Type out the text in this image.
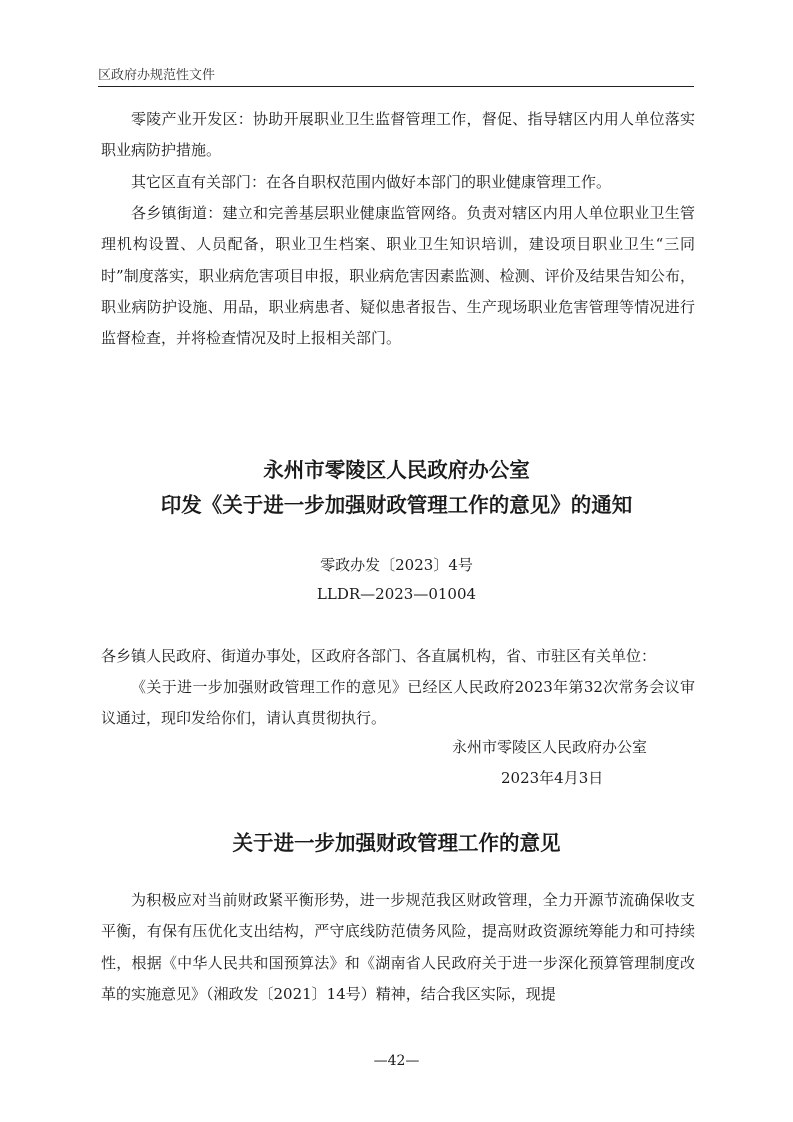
区政府办规范性文件

零陵产业开发区：协助开展职业卫生监督管理工作，督促、指导辖区内用人单位落实职业病防护措施。

其它区直有关部门：在各自职权范围内做好本部门的职业健康管理工作。

各乡镇街道：建立和完善基层职业健康监管网络。负责对辖区内用人单位职业卫生管理机构设置、人员配备，职业卫生档案、职业卫生知识培训，建设项目职业卫生“三同时”制度落实，职业病危害项目申报，职业病危害因素监测、检测、评价及结果告知公布，职业病防护设施、用品，职业病患者、疑似患者报告、生产现场职业危害管理等情况进行监督检查，并将检查情况及时上报相关部门。

永州市零陵区人民政府办公室
印发《关于进一步加强财政管理工作的意见》的通知
零政办发〔2023〕4号
LLDR—2023—01004

各乡镇人民政府、街道办事处，区政府各部门、各直属机构，省、市驻区有关单位：

《关于进一步加强财政管理工作的意见》已经区人民政府2023年第32次常务会议审议通过，现印发给你们，请认真贯彻执行。

永州市零陵区人民政府办公室
2023年4月3日
关于进一步加强财政管理工作的意见

为积极应对当前财政紧平衡形势，进一步规范我区财政管理，全力开源节流确保收支平衡，有保有压优化支出结构，严守底线防范债务风险，提高财政资源统筹能力和可持续性，根据《中华人民共和国预算法》和《湖南省人民政府关于进一步深化预算管理制度改革的实施意见》（湘政发〔2021〕14号）精神，结合我区实际，现提

—42—
